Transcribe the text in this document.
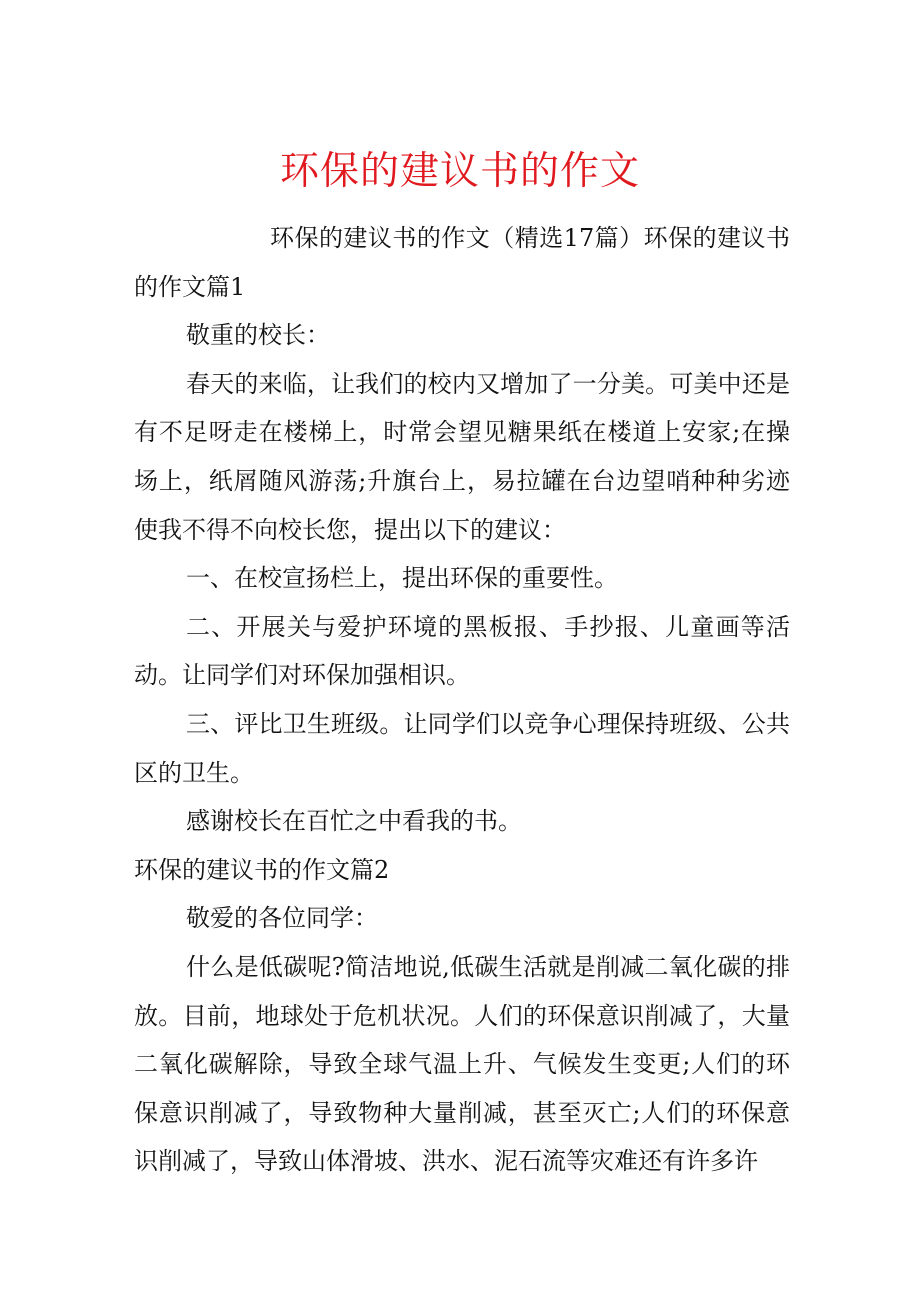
环保的建议书的作文

环保的建议书的作文（精选17篇）环保的建议书的作文篇1

敬重的校长：

春天的来临，让我们的校内又增加了一分美。可美中还是有不足呀走在楼梯上，时常会望见糖果纸在楼道上安家;在操场上，纸屑随风游荡;升旗台上，易拉罐在台边望哨种种劣迹使我不得不向校长您，提出以下的建议：

一、在校宣扬栏上，提出环保的重要性。

二、开展关与爱护环境的黑板报、手抄报、儿童画等活动。让同学们对环保加强相识。

三、评比卫生班级。让同学们以竞争心理保持班级、公共区的卫生。

感谢校长在百忙之中看我的书。

环保的建议书的作文篇2

敬爱的各位同学：

什么是低碳呢?简洁地说,低碳生活就是削减二氧化碳的排放。目前，地球处于危机状况。人们的环保意识削减了，大量二氧化碳解除，导致全球气温上升、气候发生变更;人们的环保意识削减了，导致物种大量削减，甚至灭亡;人们的环保意识削减了，导致山体滑坡、洪水、泥石流等灾难还有许多许
